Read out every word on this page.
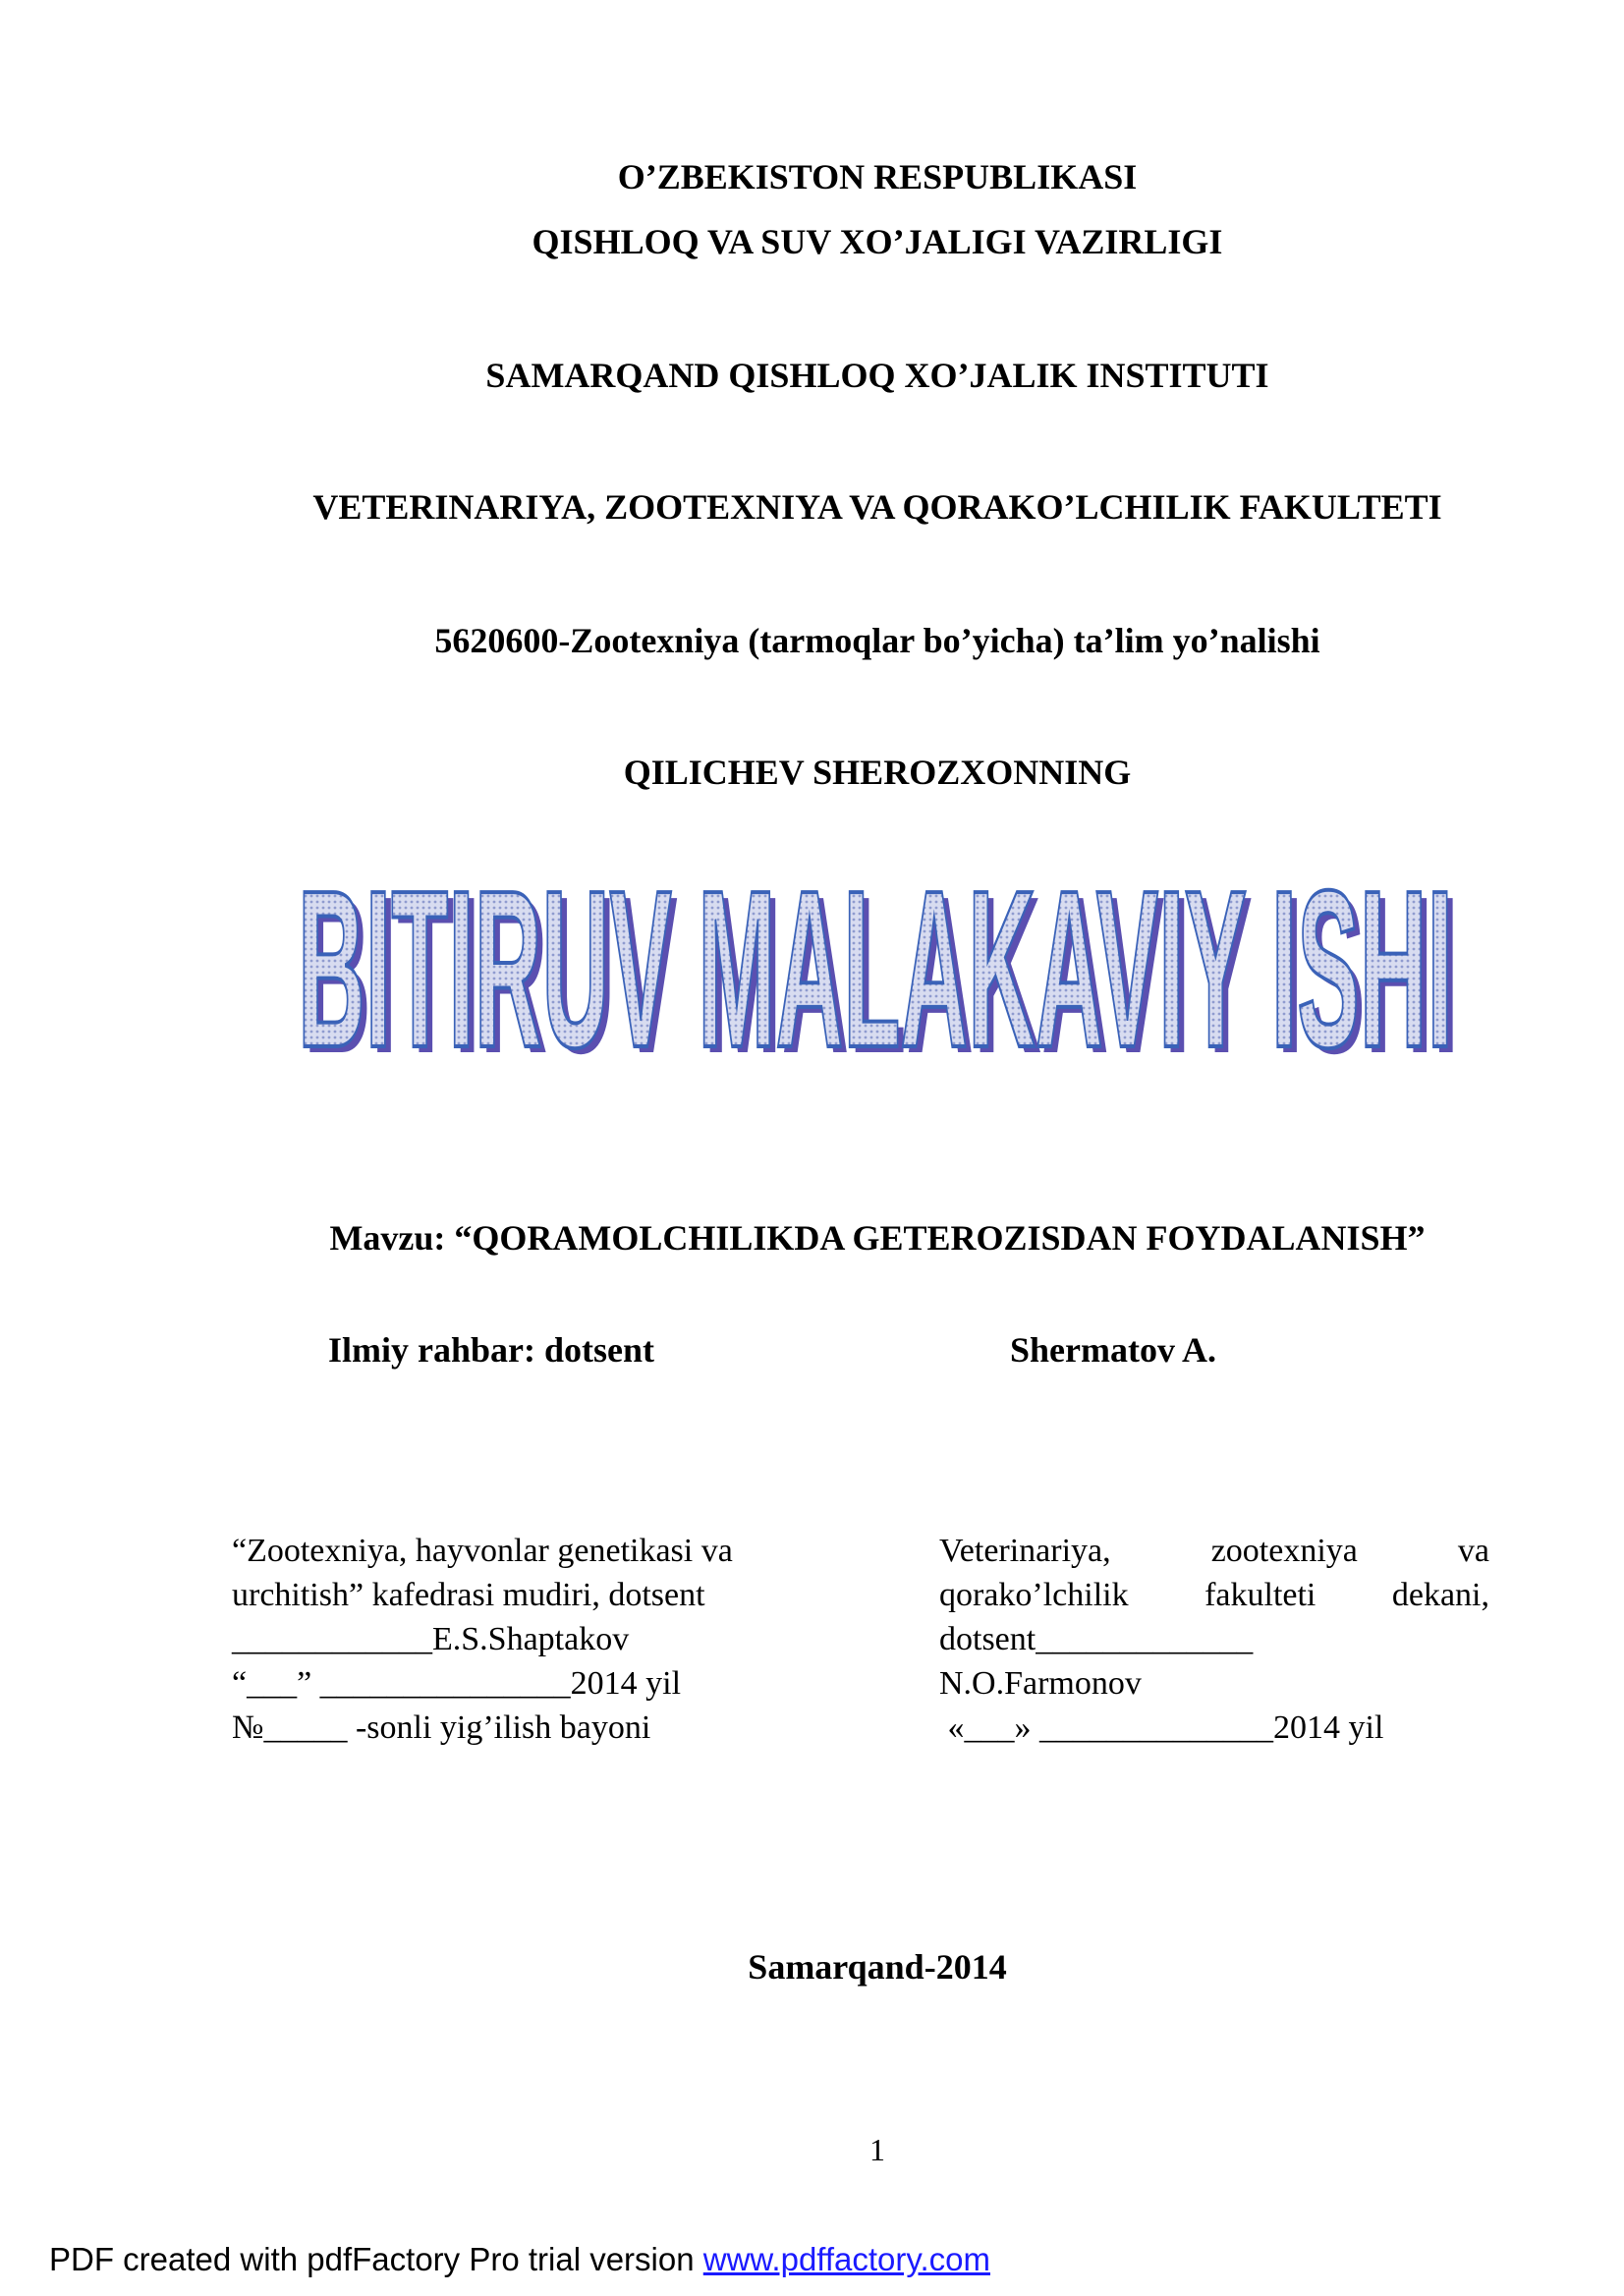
O’ZBEKISTON RESPUBLIKASI
QISHLOQ VA SUV XO’JALIGI VAZIRLIGI
SAMARQAND QISHLOQ XO’JALIK INSTITUTI
VETERINARIYA, ZOOTEXNIYA VA QORAKO’LCHILIK FAKULTETI
5620600-Zootexniya (tarmoqlar bo’yicha) ta’lim yo’nalishi
QILICHEV SHEROZXONNING
BITIRUV MALAKAVIY ISHI
BITIRUV MALAKAVIY ISHI
Mavzu: “QORAMOLCHILIKDA GETEROZISDAN FOYDALANISH”
Ilmiy rahbar: dotsent	Shermatov A.
“Zootexniya, hayvonlar genetikasi va
urchitish” kafedrasi mudiri, dotsent
____________E.S.Shaptakov
“___” _______________2014 yil
№_____ -sonli yig’ilish bayoni
Veterinariya,	zootexniya	va
qorako’lchilik fakulteti dekani,
dotsent_____________
N.O.Farmonov
«___» ______________2014 yil
Samarqand-2014
1
PDF created with pdfFactory Pro trial version www.pdffactory.com
